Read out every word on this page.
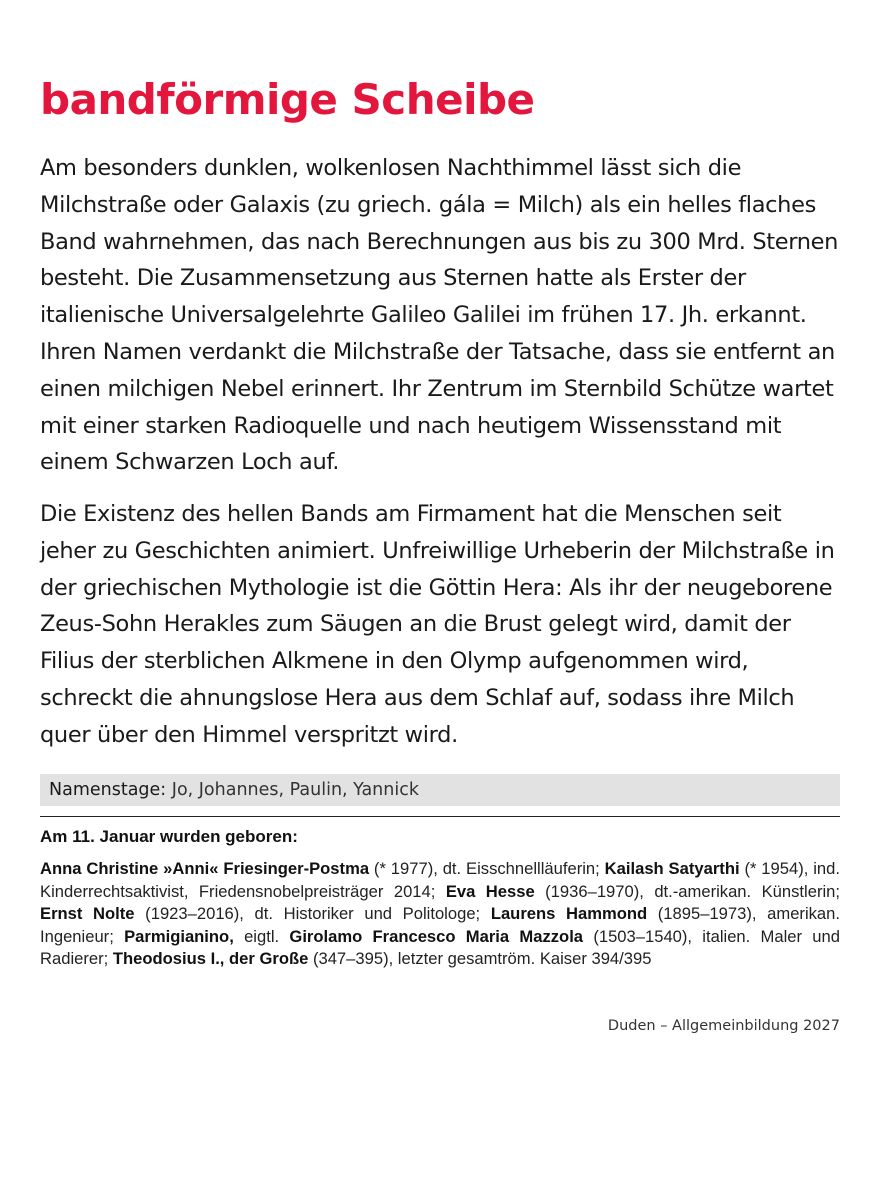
bandförmige Scheibe

Am besonders dunklen, wolkenlosen Nachthimmel lässt sich die Milchstraße oder Galaxis (zu griech. gála = Milch) als ein helles flaches Band wahrnehmen, das nach Berechnungen aus bis zu 300 Mrd. Sternen besteht. Die Zusammensetzung aus Sternen hatte als Erster der italienische Universalgelehrte Galileo Galilei im frühen 17. Jh. erkannt. Ihren Namen verdankt die Milchstraße der Tatsache, dass sie entfernt an einen milchigen Nebel erinnert. Ihr Zentrum im Sternbild Schütze wartet mit einer starken Radioquelle und nach heutigem Wissensstand mit einem Schwarzen Loch auf.

Die Existenz des hellen Bands am Firmament hat die Menschen seit jeher zu Geschichten animiert. Unfreiwillige Urheberin der Milchstraße in der griechischen Mythologie ist die Göttin Hera: Als ihr der neugeborene Zeus-Sohn Herakles zum Säugen an die Brust gelegt wird, damit der Filius der sterblichen Alkmene in den Olymp aufgenommen wird, schreckt die ahnungslose Hera aus dem Schlaf auf, sodass ihre Milch quer über den Himmel verspritzt wird.

Namenstage: Jo, Johannes, Paulin, Yannick
Am 11. Januar wurden geboren:

Anna Christine »Anni« Friesinger-Postma (* 1977), dt. Eisschnellläuferin; Kailash Satyarthi (* 1954), ind. Kinderrechtsaktivist, Friedensnobelpreisträger 2014; Eva Hesse (1936–1970), dt.-amerikan. Künstlerin; Ernst Nolte (1923–2016), dt. Historiker und Politologe; Laurens Hammond (1895–1973), amerikan. Ingenieur; Parmigianino, eigtl. Girolamo Francesco Maria Mazzola (1503–1540), italien. Maler und Radierer; Theodosius I., der Große (347–395), letzter gesamtröm. Kaiser 394/395

Duden – Allgemeinbildung 2027
